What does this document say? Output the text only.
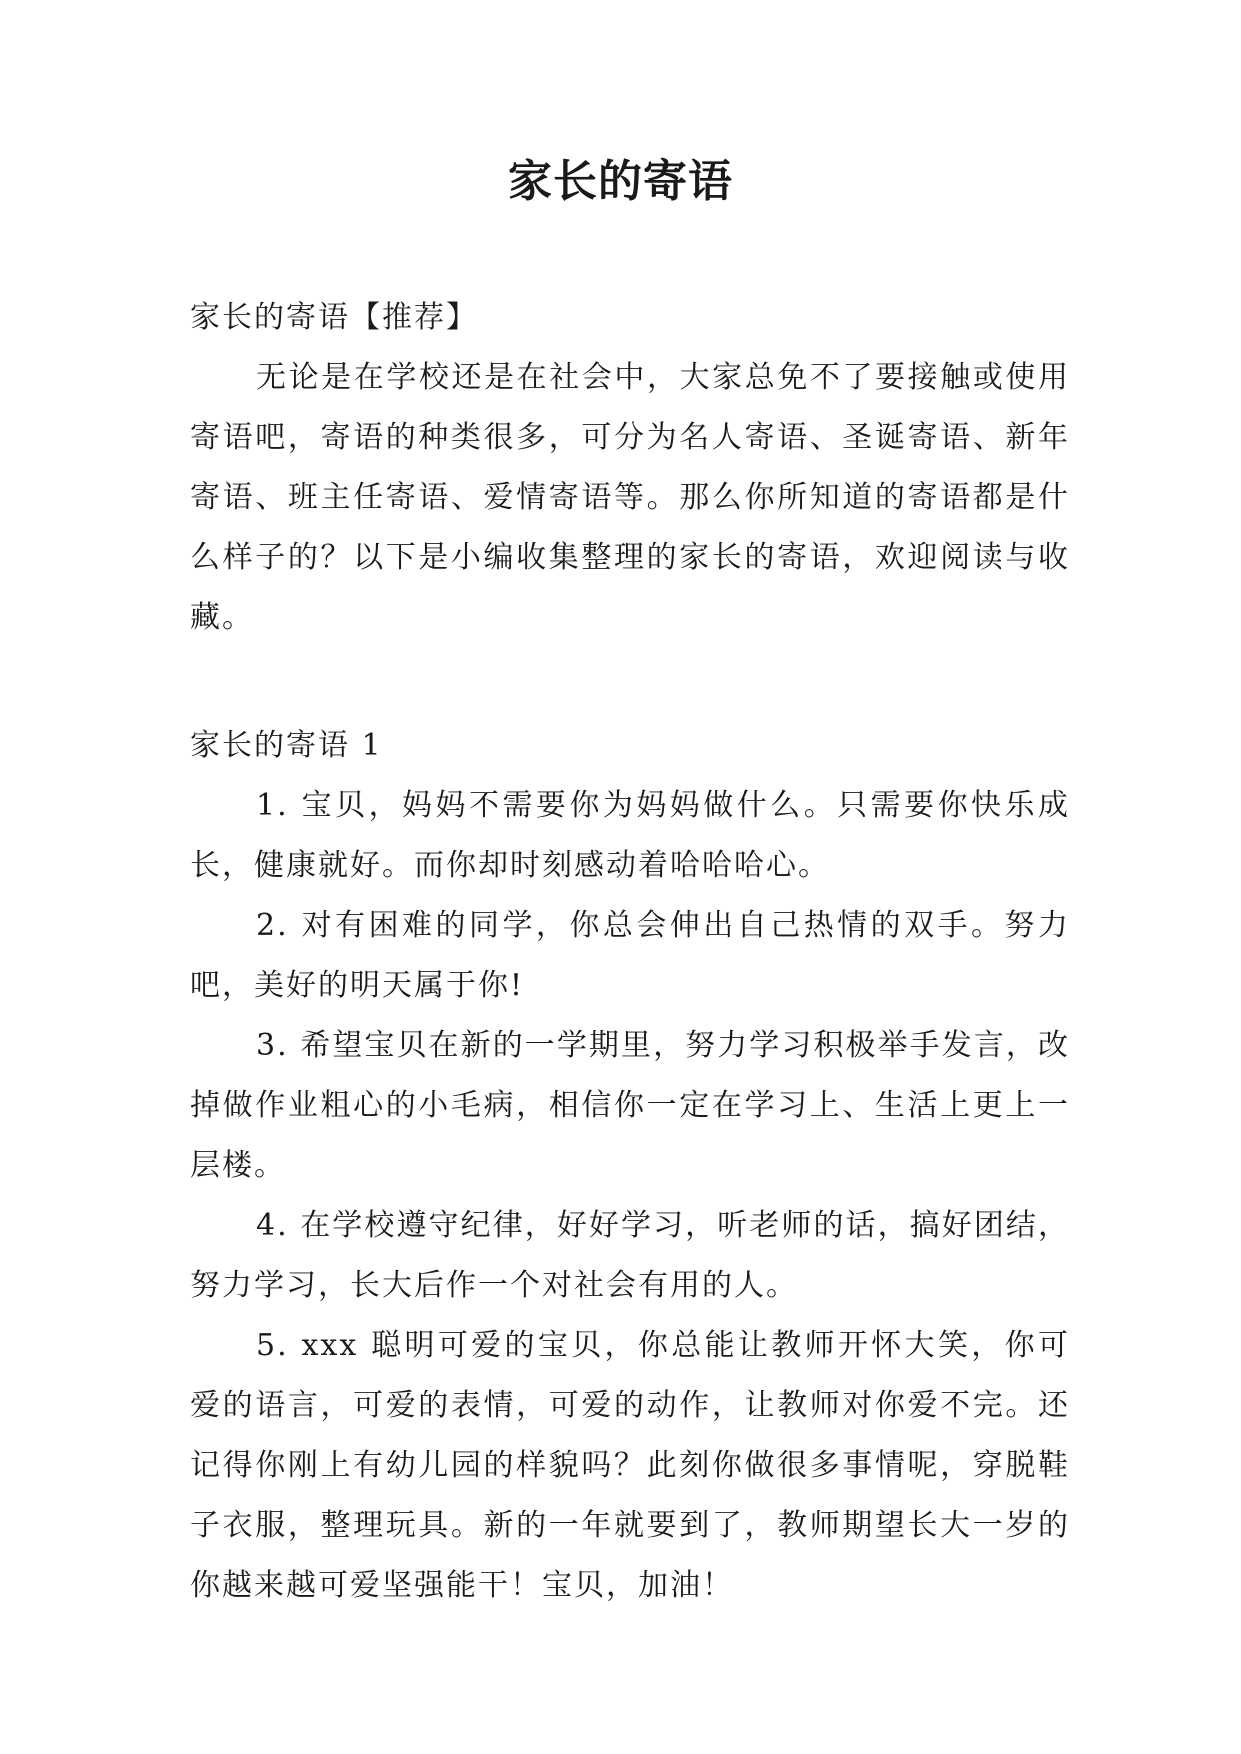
家长的寄语

家长的寄语【推荐】

无论是在学校还是在社会中，大家总免不了要接触或使用寄语吧，寄语的种类很多，可分为名人寄语、圣诞寄语、新年寄语、班主任寄语、爱情寄语等。那么你所知道的寄语都是什么样子的？以下是小编收集整理的家长的寄语，欢迎阅读与收藏。

家长的寄语 1

1. 宝贝，妈妈不需要你为妈妈做什么。只需要你快乐成长，健康就好。而你却时刻感动着哈哈哈心。

2. 对有困难的同学，你总会伸出自己热情的双手。努力吧，美好的明天属于你!

3. 希望宝贝在新的一学期里，努力学习积极举手发言，改掉做作业粗心的小毛病，相信你一定在学习上、生活上更上一层楼。

4. 在学校遵守纪律，好好学习，听老师的话，搞好团结，努力学习，长大后作一个对社会有用的人。

5. xxx 聪明可爱的宝贝，你总能让教师开怀大笑，你可爱的语言，可爱的表情，可爱的动作，让教师对你爱不完。还记得你刚上有幼儿园的样貌吗？此刻你做很多事情呢，穿脱鞋子衣服，整理玩具。新的一年就要到了，教师期望长大一岁的你越来越可爱坚强能干！宝贝，加油！
